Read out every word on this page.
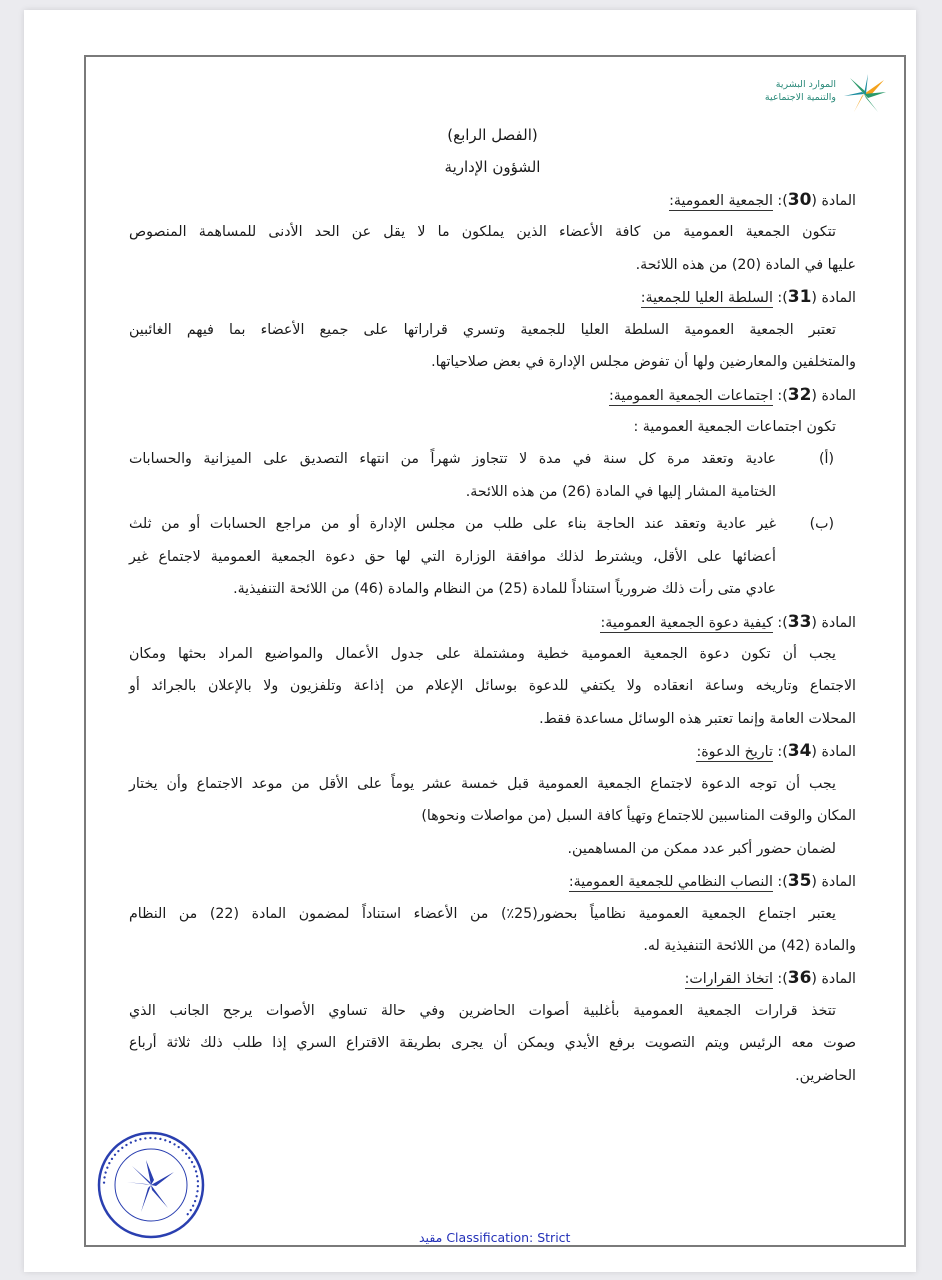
الموارد البشرية
والتنمية الاجتماعية
(الفصل الرابع)
الشؤون الإدارية
المادة (30): الجمعية العمومية:
تتكون الجمعية العمومية من كافة الأعضاء الذين يملكون ما لا يقل عن الحد الأدنى للمساهمة المنصوص
عليها في المادة (20) من هذه اللائحة.
المادة (31): السلطة العليا للجمعية:
تعتبر الجمعية العمومية السلطة العليا للجمعية وتسري قراراتها على جميع الأعضاء بما فيهم الغائبين
والمتخلفين والمعارضين ولها أن تفوض مجلس الإدارة في بعض صلاحياتها.
المادة (32): اجتماعات الجمعية العمومية:
تكون اجتماعات الجمعية العمومية :
(أ)
عادية وتعقد مرة كل سنة في مدة لا تتجاوز شهراً من انتهاء التصديق على الميزانية والحسابات
الختامية المشار إليها في المادة (26) من هذه اللائحة.
(ب)
غير عادية وتعقد عند الحاجة بناء على طلب من مجلس الإدارة أو من مراجع الحسابات أو من ثلث
أعضائها على الأقل، ويشترط لذلك موافقة الوزارة التي لها حق دعوة الجمعية العمومية لاجتماع غير
عادي متى رأت ذلك ضرورياً استناداً للمادة (25) من النظام والمادة (46) من اللائحة التنفيذية.
المادة (33): كيفية دعوة الجمعية العمومية:
يجب أن تكون دعوة الجمعية العمومية خطية ومشتملة على جدول الأعمال والمواضيع المراد بحثها ومكان
الاجتماع وتاريخه وساعة انعقاده ولا يكتفي للدعوة بوسائل الإعلام من إذاعة وتلفزيون ولا بالإعلان بالجرائد أو
المحلات العامة وإنما تعتبر هذه الوسائل مساعدة فقط.
المادة (34): تاريخ الدعوة:
يجب أن توجه الدعوة لاجتماع الجمعية العمومية قبل خمسة عشر يوماً على الأقل من موعد الاجتماع وأن يختار
المكان والوقت المناسبين للاجتماع وتهيأ كافة السبل (من مواصلات ونحوها)
لضمان حضور أكبر عدد ممكن من المساهمين.
المادة (35): النصاب النظامي للجمعية العمومية:
يعتبر اجتماع الجمعية العمومية نظامياً بحضور(25٪) من الأعضاء استناداً لمضمون المادة (22) من النظام
والمادة (42) من اللائحة التنفيذية له.
المادة (36): اتخاذ القرارات:
تتخذ قرارات الجمعية العمومية بأغلبية أصوات الحاضرين وفي حالة تساوي الأصوات يرجح الجانب الذي
صوت معه الرئيس ويتم التصويت برفع الأيدي ويمكن أن يجرى بطريقة الاقتراع السري إذا طلب ذلك ثلاثة أرباع
الحاضرين.
••••••••••••••••••••••••••••••••••••
مقيد Classification: Strict
